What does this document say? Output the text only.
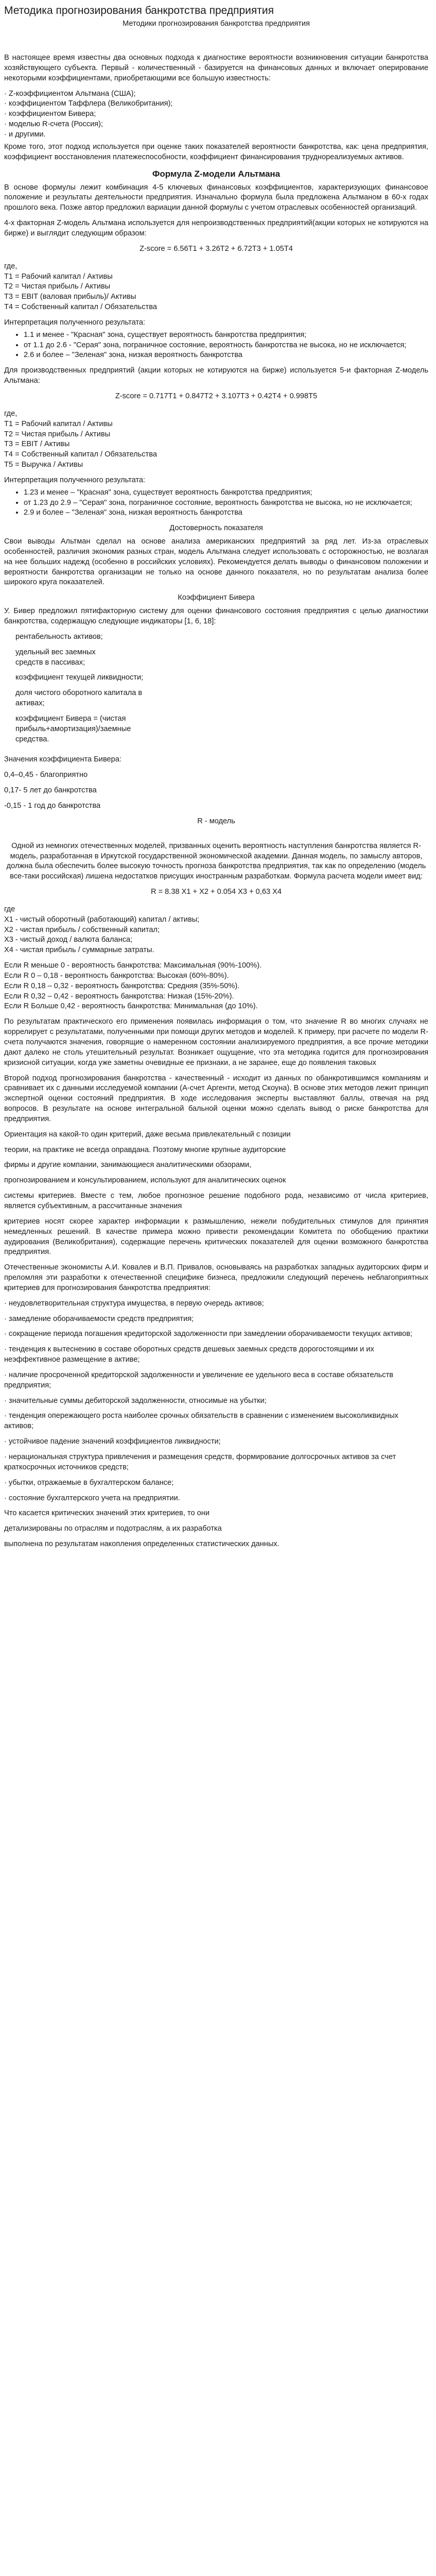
Методика прогнозирования банкротства предприятия
Методики прогнозирования банкротства предприятия

В настоящее время известны два основных подхода к диагностике вероятности возникновения ситуации банкротства хозяйствующего субъекта. Первый - количественный - базируется на финансовых данных и включает оперирование некоторыми коэффициентами, приобретающими все большую известность:

· Z-коэффициентом Альтмана (США);

· коэффициентом Таффлера (Великобритания);

· коэффициентом Бивера;

· моделью R-счета (Россия);

· и другими.

Кроме того, этот подход используется при оценке таких показателей вероятности банкротства, как: цена предприятия, коэффициент восстановления платежеспособности, коэффициент финансирования труднореализуемых активов.

Формула Z-модели Альтмана

В основе формулы лежит комбинация 4-5 ключевых финансовых коэффициентов, характеризующих финансовое положение и результаты деятельности предприятия. Изначально формула была предложена Альтманом в 60-х годах прошлого века. Позже автор предложил вариации данной формулы с учетом отраслевых особенностей организаций.

4-х факторная Z-модель Альтмана используется для непроизводственных предприятий(акции которых не котируются на бирже) и выглядит следующим образом:

Z-score = 6.56T1 + 3.26T2 + 6.72T3 + 1.05T4

где,

T1 = Рабочий капитал / Активы

T2 = Чистая прибыль / Активы

T3 = EBIT (валовая прибыль)/ Активы

T4 = Собственный капитал / Обязательства

Интерпретация полученного результата:

• 1.1 и менее - "Красная" зона, существует вероятность банкротства предприятия;
• от 1.1 до 2.6 - "Серая" зона, пограничное состояние, вероятность банкротства не высока, но не исключается;
• 2.6 и более – "Зеленая" зона, низкая вероятность банкротства

Для производственных предприятий (акции которых не котируются на бирже) используется 5-и факторная Z-модель Альтмана:

Z-score = 0.717T1 + 0.847T2 + 3.107T3 + 0.42T4 + 0.998T5

где,

T1 = Рабочий капитал / Активы

T2 = Чистая прибыль / Активы

T3 = EBIT / Активы

T4 = Собственный капитал / Обязательства

T5 = Выручка / Активы

Интерпретация полученного результата:

• 1.23 и менее – "Красная" зона, существует вероятность банкротства предприятия;
• от 1.23 до 2.9 – "Серая" зона, пограничное состояние, вероятность банкротства не высока, но не исключается;
• 2.9 и более – "Зеленая" зона, низкая вероятность банкротства
Достоверность показателя

Свои выводы Альтман сделал на основе анализа американских предприятий за ряд лет. Из-за отраслевых особенностей, различия экономик разных стран, модель Альтмана следует использовать с осторожностью, не возлагая на нее больших надежд (особенно в российских условиях). Рекомендуется делать выводы о финансовом положении и вероятности банкротства организации не только на основе данного показателя, но по результатам анализа более широкого круга показателей.

Коэффициент Бивера

У. Бивер предложил пятифакторную систему для оценки финансового состояния предприятия с целью диагностики банкротства, содержащую следующие индикаторы [1, 6, 18]:

рентабельность активов;

удельный вес заемных средств в пассивах;

коэффициент текущей ликвидности;

доля чистого оборотного капитала в активах;

коэффициент Бивера = (чистая прибыль+амортизация)/заемные средства.

Значения коэффициента Бивера:

0,4–0,45 - благоприятно

0,17- 5 лет до банкротства

-0,15 - 1 год до банкротства

R - модель

Одной из немногих отечественных моделей, призванных оценить вероятность наступления банкротства является R-модель, разработанная в Иркутской государственной экономической академии. Данная модель, по замыслу авторов, должна была обеспечить более высокую точность прогноза банкротства предприятия, так как по определению (модель все-таки российская) лишена недостатков присущих иностранным разработкам. Формула расчета модели имеет вид:

R = 8.38 X1 + X2 + 0.054 X3 + 0,63 X4

где

X1 - чистый оборотный (работающий) капитал / активы;

X2 - чистая прибыль / собственный капитал;

X3 - чистый доход / валюта баланса;

X4 - чистая прибыль / суммарные затраты.

Если R меньше 0 - вероятность банкротства: Максимальная (90%-100%).

Если R 0 – 0,18 - вероятность банкротства: Высокая (60%-80%).

Если R 0,18 – 0,32 - вероятность банкротства: Средняя (35%-50%).

Если R 0,32 – 0,42 - вероятность банкротства: Низкая (15%-20%).

Если R Больше 0,42 - вероятность банкротства: Минимальная (до 10%).

По результатам практического его применения появилась информация о том, что значение R во многих случаях не коррелирует с результатами, полученными при помощи других методов и моделей. К примеру, при расчете по модели R-счета получаются значения, говорящие о намеренном состоянии анализируемого предприятия, а все прочие методики дают далеко не столь утешительный результат. Возникает ощущение, что эта методика годится для прогнозирования кризисной ситуации, когда уже заметны очевидные ее признаки, а не заранее, еще до появления таковых

Второй подход прогнозирования банкротства - качественный - исходит из данных по обанкротившимся компаниям и сравнивает их с данными исследуемой компании (А-счет Аргенти, метод Скоуна). В основе этих методов лежит принцип экспертной оценки состояний предприятия. В ходе исследования эксперты выставляют баллы, отвечая на ряд вопросов. В результате на основе интегральной бальной оценки можно сделать вывод о риске банкротства для предприятия.

Ориентация на какой-то один критерий, даже весьма привлекательный с позиции

теории, на практике не всегда оправдана. Поэтому многие крупные аудиторские

фирмы и другие компании, занимающиеся аналитическими обзорами,

прогнозированием и консультированием, используют для аналитических оценок

системы критериев. Вместе с тем, любое прогнозное решение подобного рода, независимо от числа критериев, является субъективным, а рассчитанные значения

критериев носят скорее характер информации к размышлению, нежели побудительных стимулов для принятия немедленных решений. В качестве примера можно привести рекомендации Комитета по обобщению практики аудирования (Великобритания), содержащие перечень критических показателей для оценки возможного банкротства предприятия.

Отечественные экономисты А.И. Ковалев и В.П. Привалов, основываясь на разработках западных аудиторских фирм и преломляя эти разработки к отечественной специфике бизнеса, предложили следующий перечень неблагоприятных критериев для прогнозирования банкротства предприятия:

· неудовлетворительная структура имущества, в первую очередь активов;

· замедление оборачиваемости средств предприятия;

· сокращение периода погашения кредиторской задолженности при замедлении оборачиваемости текущих активов;

· тенденция к вытеснению в составе оборотных средств дешевых заемных средств дорогостоящими и их неэффективное размещение в активе;

· наличие просроченной кредиторской задолженности и увеличение ее удельного веса в составе обязательств предприятия;

· значительные суммы дебиторской задолженности, относимые на убытки;

· тенденция опережающего роста наиболее срочных обязательств в сравнении с изменением высоколиквидных активов;

· устойчивое падение значений коэффициентов ликвидности;

· нерациональная структура привлечения и размещения средств, формирование долгосрочных активов за счет краткосрочных источников средств;

· убытки, отражаемые в бухгалтерском балансе;

· состояние бухгалтерского учета на предприятии.

Что касается критических значений этих критериев, то они

детализированы по отраслям и подотраслям, а их разработка

выполнена по результатам накопления определенных статистических данных.
